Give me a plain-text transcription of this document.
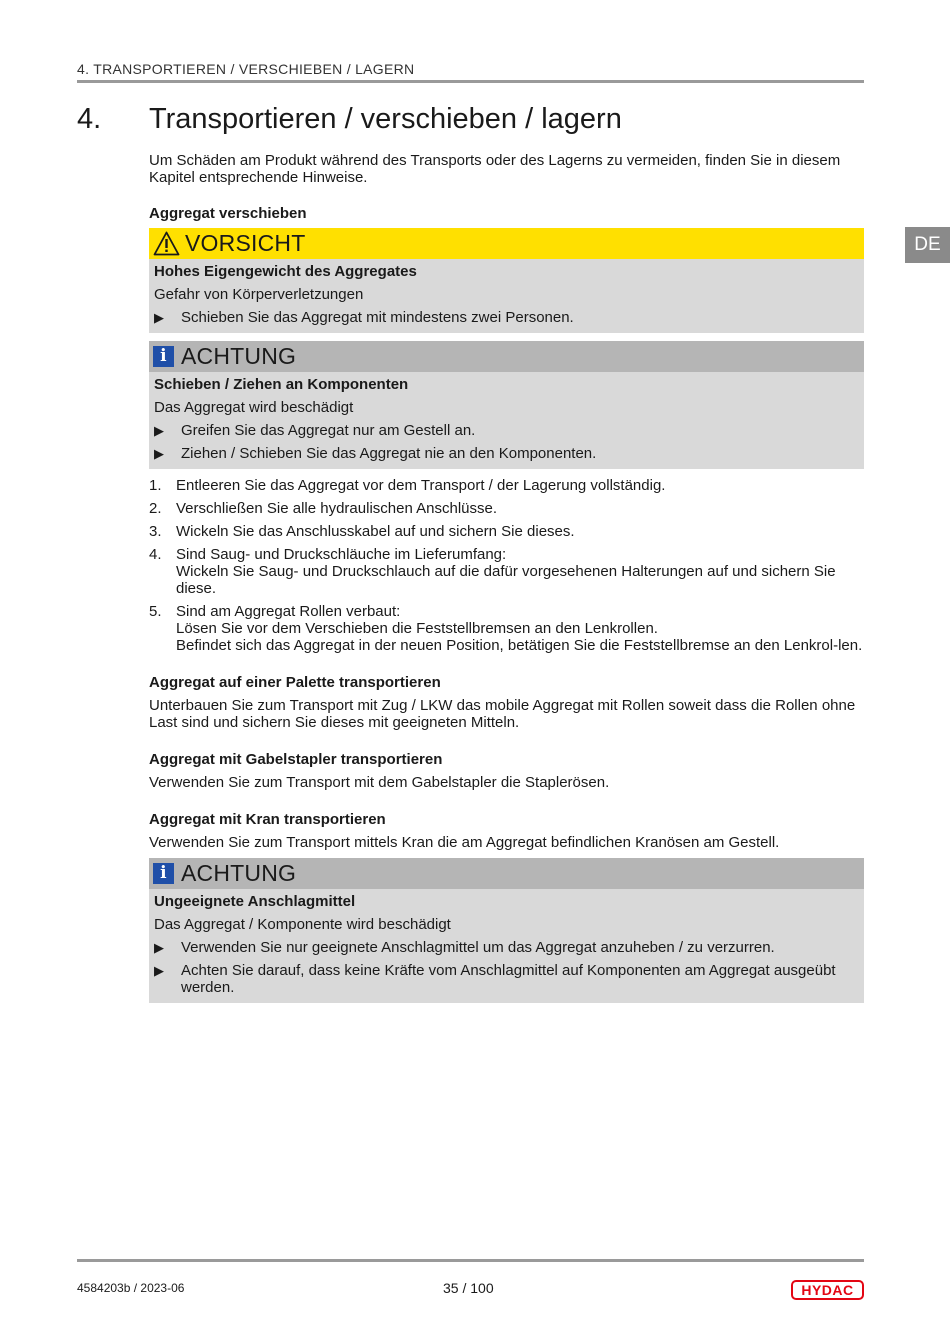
4. TRANSPORTIEREN / VERSCHIEBEN / LAGERN
DE
4. Transportieren / verschieben / lagern

Um Schäden am Produkt während des Transports oder des Lagerns zu vermeiden, finden Sie in diesem Kapitel entsprechende Hinweise.

Aggregat verschieben
VORSICHT
Hohes Eigengewicht des Aggregates

Gefahr von Körperverletzungen

▶	Schieben Sie das Aggregat mit mindestens zwei Personen.
i ACHTUNG
Schieben / Ziehen an Komponenten

Das Aggregat wird beschädigt

▶	Greifen Sie das Aggregat nur am Gestell an.
▶	Ziehen / Schieben Sie das Aggregat nie an den Komponenten.
1. Entleeren Sie das Aggregat vor dem Transport / der Lagerung vollständig.
2. Verschließen Sie alle hydraulischen Anschlüsse.
3. Wickeln Sie das Anschlusskabel auf und sichern Sie dieses.
4. Sind Saug- und Druckschläuche im Lieferumfang:
Wickeln Sie Saug- und Druckschlauch auf die dafür vorgesehenen Halterungen auf und sichern Sie diese.
5. Sind am Aggregat Rollen verbaut:
Lösen Sie vor dem Verschieben die Feststellbremsen an den Lenkrollen.
Befindet sich das Aggregat in der neuen Position, betätigen Sie die Feststellbremse an den Lenkrol-len.
Aggregat auf einer Palette transportieren

Unterbauen Sie zum Transport mit Zug / LKW das mobile Aggregat mit Rollen soweit dass die Rollen ohne Last sind und sichern Sie dieses mit geeigneten Mitteln.

Aggregat mit Gabelstapler transportieren

Verwenden Sie zum Transport mit dem Gabelstapler die Staplerösen.

Aggregat mit Kran transportieren

Verwenden Sie zum Transport mittels Kran die am Aggregat befindlichen Kranösen am Gestell.

i ACHTUNG
Ungeeignete Anschlagmittel

Das Aggregat / Komponente wird beschädigt

▶	Verwenden Sie nur geeignete Anschlagmittel um das Aggregat anzuheben / zu verzurren.
▶	Achten Sie darauf, dass keine Kräfte vom Anschlagmittel auf Komponenten am Aggregat ausgeübt werden.
4584203b / 2023-06	35 / 100	HYDAC
